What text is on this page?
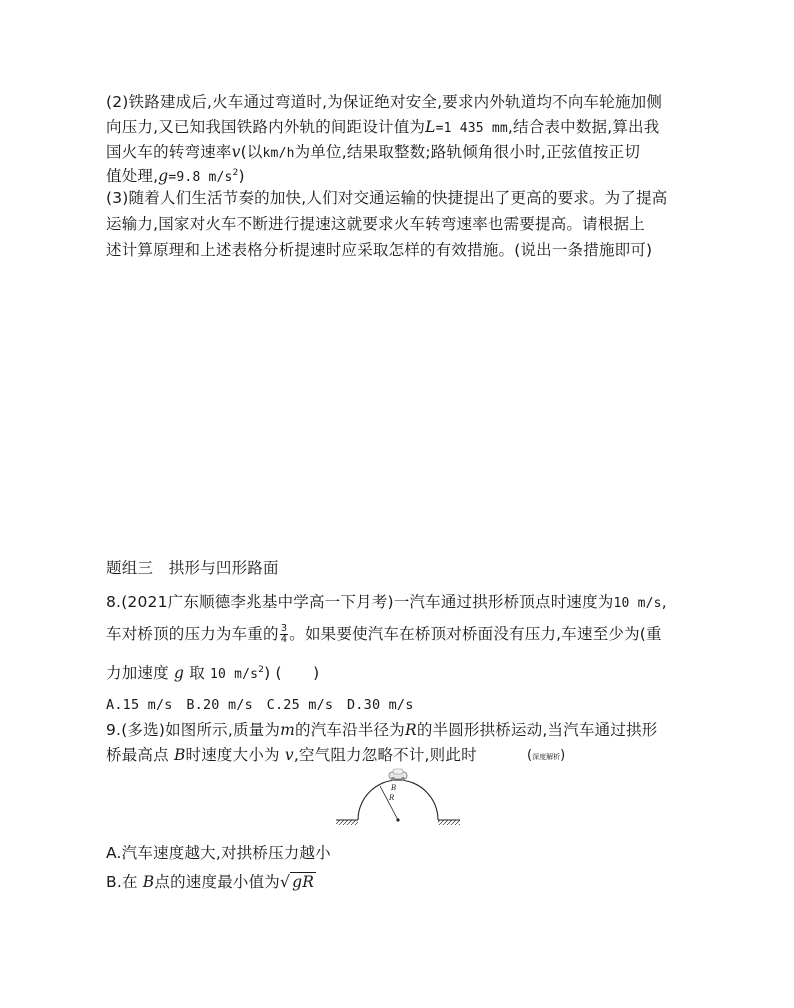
(2)铁路建成后,火车通过弯道时,为保证绝对安全,要求内外轨道均不向车轮施加侧
向压力,又已知我国铁路内外轨的间距设计值为L=1 435 mm,结合表中数据,算出我
国火车的转弯速率v(以km/h为单位,结果取整数;路轨倾角很小时,正弦值按正切
值处理,g=9.8 $m/s^2$)
(3)随着人们生活节奏的加快,人们对交通运输的快捷提出了更高的要求。为了提高
运输力,国家对火车不断进行提速这就要求火车转弯速率也需要提高。请根据上
述计算原理和上述表格分析提速时应采取怎样的有效措施。(说出一条措施即可)
题组三　拱形与凹形路面
8.(2021广东顺德李兆基中学高一下月考)一汽车通过拱形桥顶点时速度为10 m/s,
车对桥顶的压力为车重的 $\frac{3}{4}$ 。如果要使汽车在桥顶对桥面没有压力,车速至少为(重
力加速度 g 取 10 $m/s^2$) (　　)
A.15 m/s　B.20 m/s　C.25 m/s　D.30 m/s
9.(多选)如图所示,质量为m的汽车沿半径为R的半圆形拱桥运动,当汽车通过拱形
桥最高点 B时速度大小为 v,空气阻力忽略不计,则此时	(深度解析)
B
R
A.汽车速度越大,对拱桥压力越小
B.在 B点的速度最小值为√ gR
